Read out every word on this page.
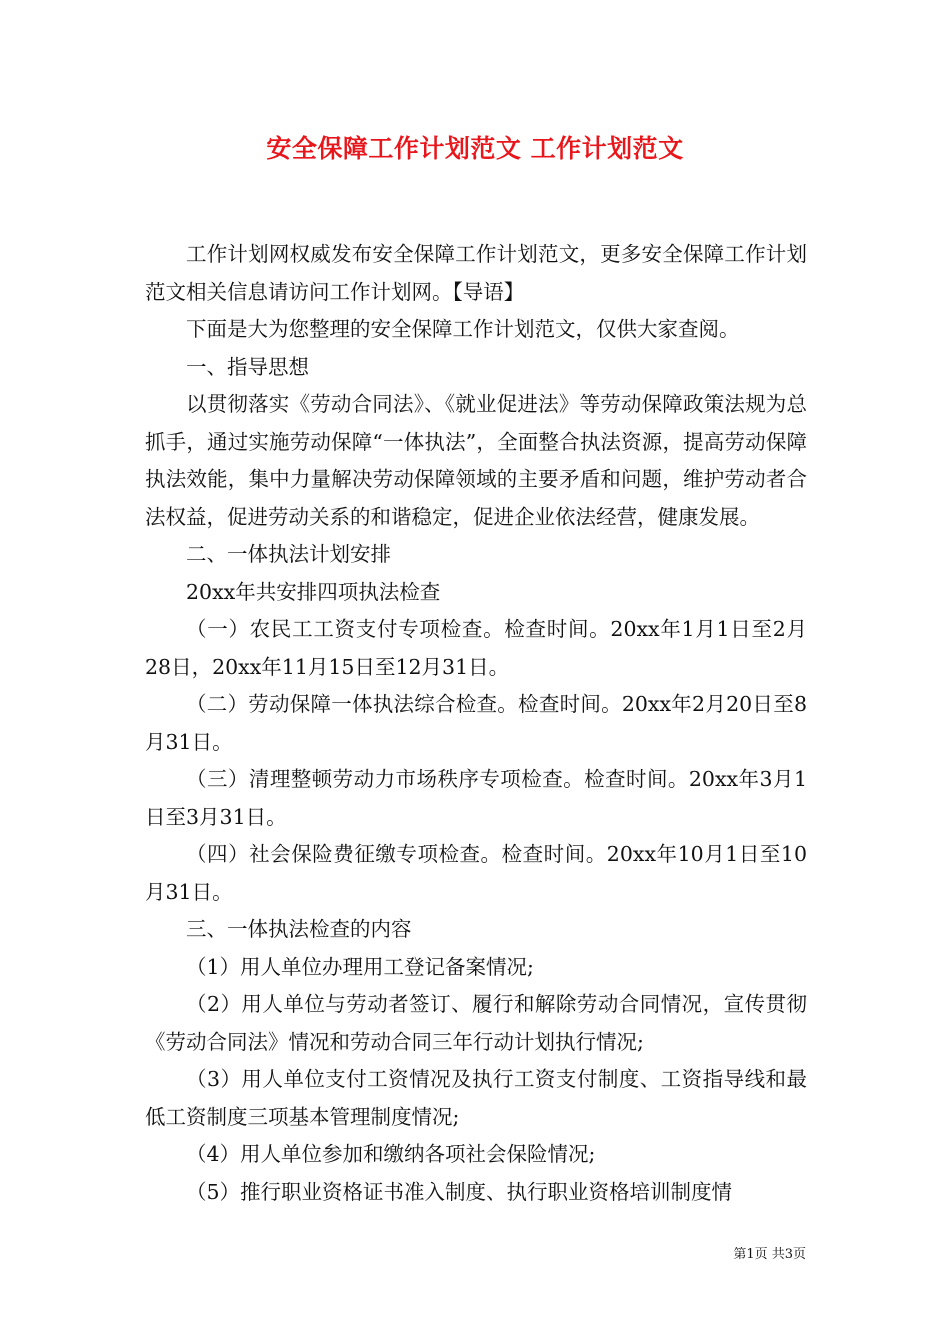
安全保障工作计划范文 工作计划范文

工作计划网权威发布安全保障工作计划范文，更多安全保障工作计划范文相关信息请访问工作计划网。【导语】

下面是大为您整理的安全保障工作计划范文，仅供大家查阅。

一、指导思想

以贯彻落实《劳动合同法》、《就业促进法》等劳动保障政策法规为总抓手，通过实施劳动保障“一体执法”，全面整合执法资源，提高劳动保障执法效能，集中力量解决劳动保障领域的主要矛盾和问题，维护劳动者合法权益，促进劳动关系的和谐稳定，促进企业依法经营，健康发展。

二、一体执法计划安排

20xx年共安排四项执法检查

（一）农民工工资支付专项检查。检查时间。20xx年1月1日至2月28日，20xx年11月15日至12月31日。

（二）劳动保障一体执法综合检查。检查时间。20xx年2月20日至8月31日。

（三）清理整顿劳动力市场秩序专项检查。检查时间。20xx年3月1日至3月31日。

（四）社会保险费征缴专项检查。检查时间。20xx年10月1日至10月31日。

三、一体执法检查的内容

（1）用人单位办理用工登记备案情况;

（2）用人单位与劳动者签订、履行和解除劳动合同情况，宣传贯彻《劳动合同法》情况和劳动合同三年行动计划执行情况;

（3）用人单位支付工资情况及执行工资支付制度、工资指导线和最低工资制度三项基本管理制度情况;

（4）用人单位参加和缴纳各项社会保险情况;

（5）推行职业资格证书准入制度、执行职业资格培训制度情

第1页 共3页
